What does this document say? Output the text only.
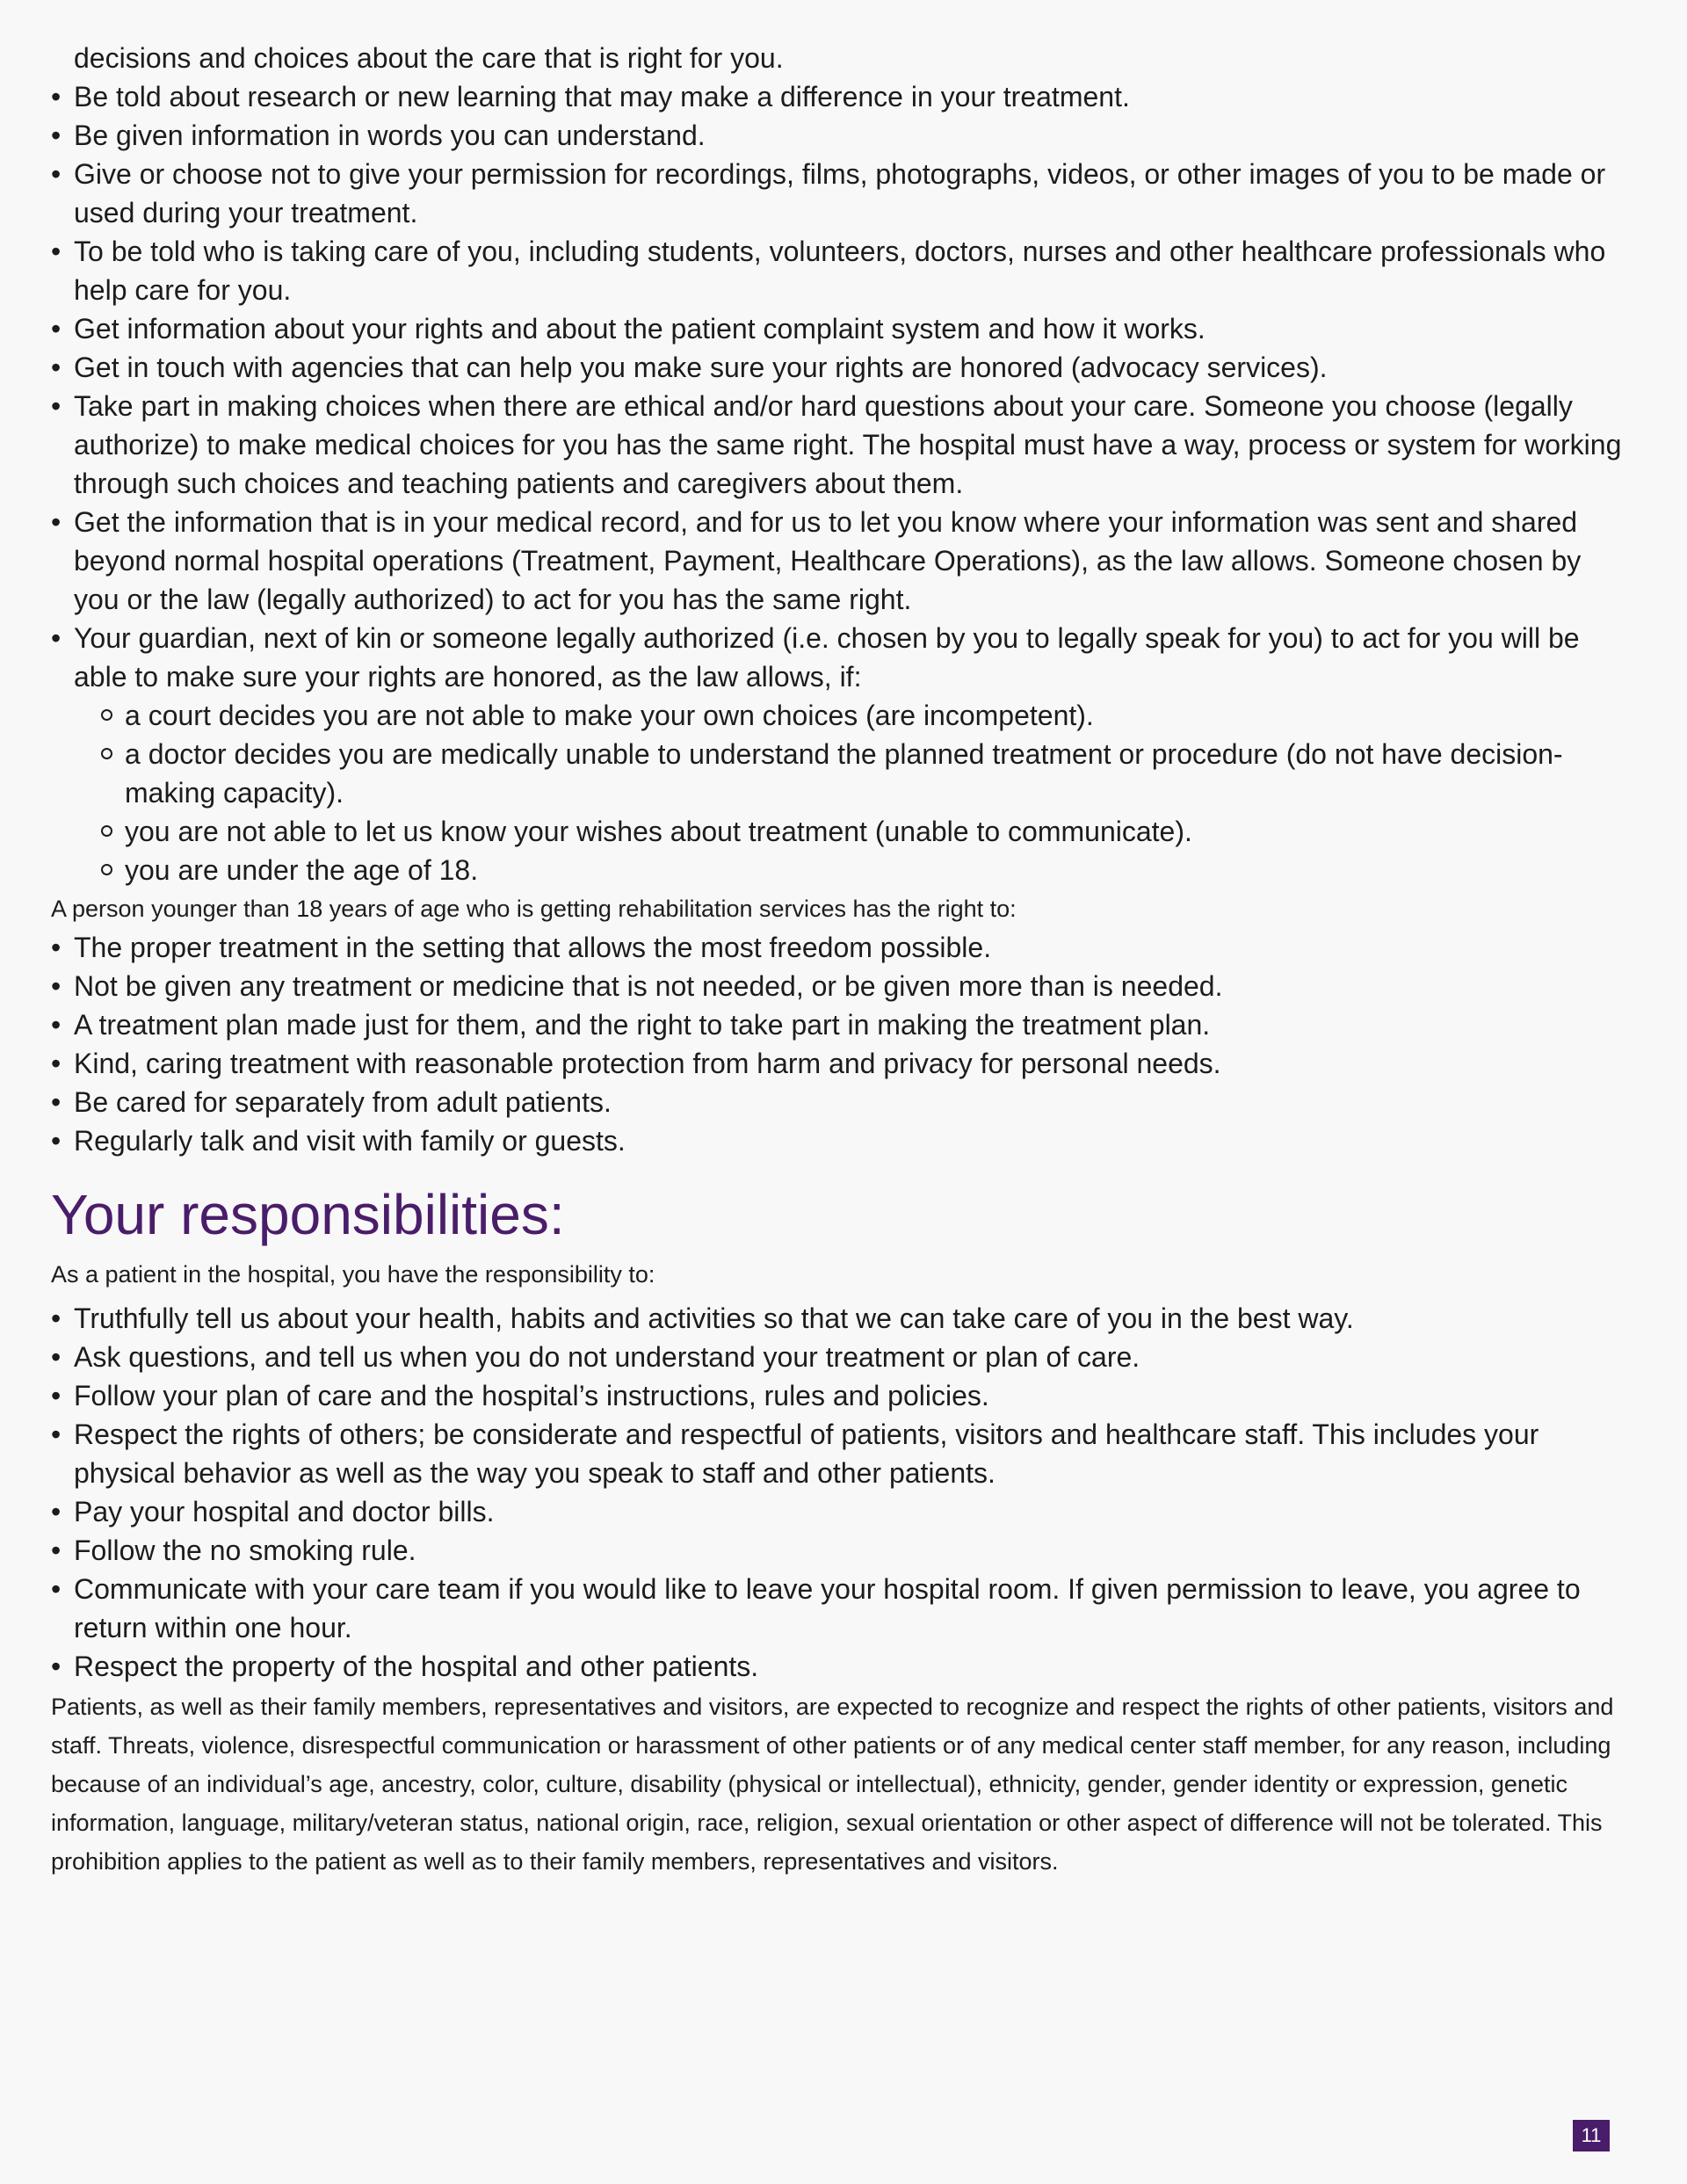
decisions and choices about the care that is right for you.
• Be told about research or new learning that may make a difference in your treatment.
• Be given information in words you can understand.
• Give or choose not to give your permission for recordings, films, photographs, videos, or other images of you to be made or used during your treatment.
• To be told who is taking care of you, including students, volunteers, doctors, nurses and other healthcare professionals who help care for you.
• Get information about your rights and about the patient complaint system and how it works.
• Get in touch with agencies that can help you make sure your rights are honored (advocacy services).
• Take part in making choices when there are ethical and/or hard questions about your care. Someone you choose (legally authorize) to make medical choices for you has the same right. The hospital must have a way, process or system for working through such choices and teaching patients and caregivers about them.
• Get the information that is in your medical record, and for us to let you know where your information was sent and shared beyond normal hospital operations (Treatment, Payment, Healthcare Operations), as the law allows. Someone chosen by you or the law (legally authorized) to act for you has the same right.
• Your guardian, next of kin or someone legally authorized (i.e. chosen by you to legally speak for you) to act for you will be able to make sure your rights are honored, as the law allows, if:
a court decides you are not able to make your own choices (are incompetent).
a doctor decides you are medically unable to understand the planned treatment or procedure (do not have decision-making capacity).
you are not able to let us know your wishes about treatment (unable to communicate).
you are under the age of 18.
A person younger than 18 years of age who is getting rehabilitation services has the right to:
• The proper treatment in the setting that allows the most freedom possible.
• Not be given any treatment or medicine that is not needed, or be given more than is needed.
• A treatment plan made just for them, and the right to take part in making the treatment plan.
• Kind, caring treatment with reasonable protection from harm and privacy for personal needs.
• Be cared for separately from adult patients.
• Regularly talk and visit with family or guests.
Your responsibilities:
As a patient in the hospital, you have the responsibility to:
• Truthfully tell us about your health, habits and activities so that we can take care of you in the best way.
• Ask questions, and tell us when you do not understand your treatment or plan of care.
• Follow your plan of care and the hospital’s instructions, rules and policies.
• Respect the rights of others; be considerate and respectful of patients, visitors and healthcare staff. This includes your physical behavior as well as the way you speak to staff and other patients.
• Pay your hospital and doctor bills.
• Follow the no smoking rule.
• Communicate with your care team if you would like to leave your hospital room. If given permission to leave, you agree to return within one hour.
• Respect the property of the hospital and other patients.

Patients, as well as their family members, representatives and visitors, are expected to recognize and respect the rights of other patients, visitors and staff. Threats, violence, disrespectful communication or harassment of other patients or of any medical center staff member, for any reason, including because of an individual’s age, ancestry, color, culture, disability (physical or intellectual), ethnicity, gender, gender identity or expression, genetic information, language, military/veteran status, national origin, race, religion, sexual orientation or other aspect of difference will not be tolerated. This prohibition applies to the patient as well as to their family members, representatives and visitors.

11
